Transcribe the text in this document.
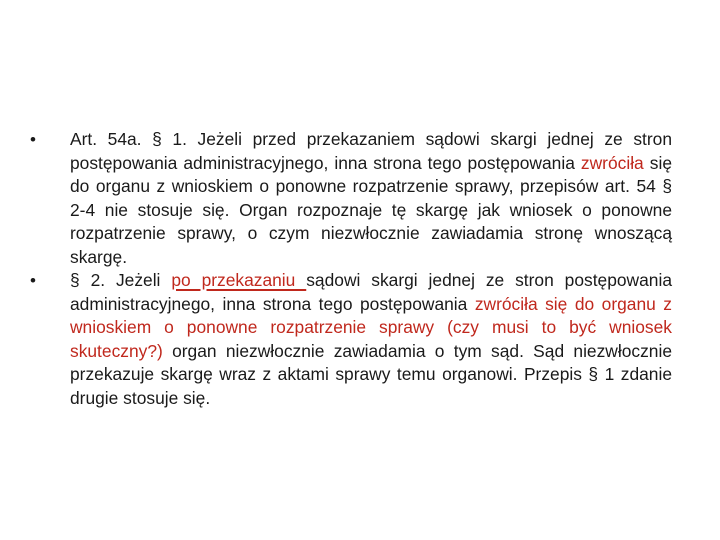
• Art. 54a. § 1. Jeżeli przed przekazaniem sądowi skargi jednej ze stron postępowania administracyjnego, inna strona tego postępowania zwróciła się do organu z wnioskiem o ponowne rozpatrzenie sprawy, przepisów art. 54 § 2-4 nie stosuje się. Organ rozpoznaje tę skargę jak wniosek o ponowne rozpatrzenie sprawy, o czym niezwłocznie zawiadamia stronę wnoszącą skargę.
• § 2. Jeżeli po przekazaniu sądowi skargi jednej ze stron postępowania administracyjnego, inna strona tego postępowania zwróciła się do organu z wnioskiem o ponowne rozpatrzenie sprawy (czy musi to być wniosek skuteczny?) organ niezwłocznie zawiadamia o tym sąd. Sąd niezwłocznie przekazuje skargę wraz z aktami sprawy temu organowi. Przepis § 1 zdanie drugie stosuje się.
